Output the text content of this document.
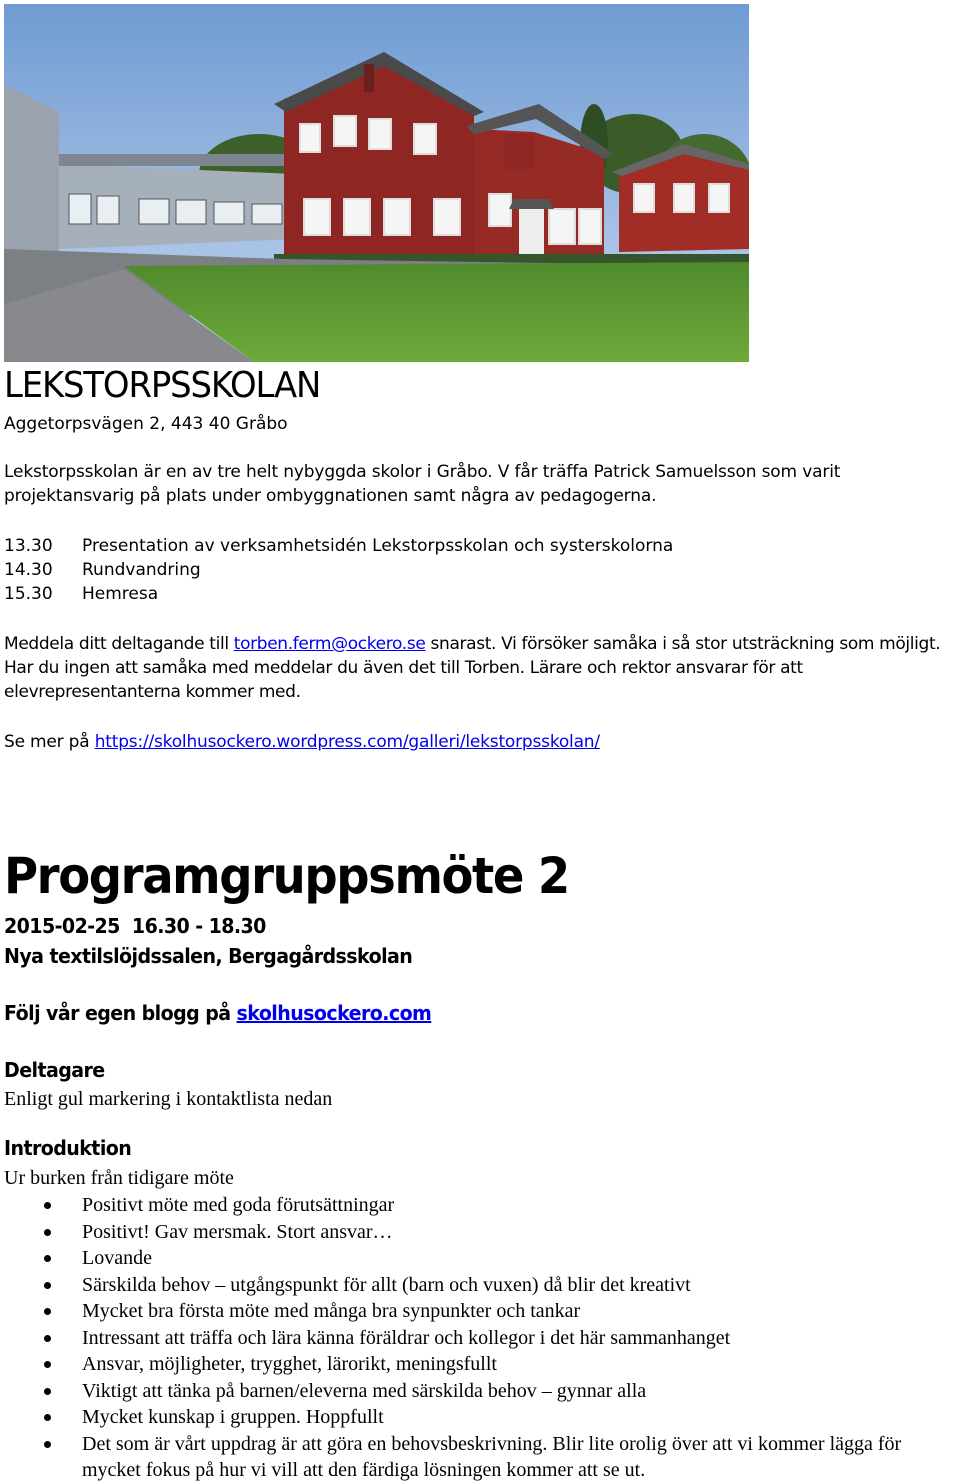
LEKSTORPSSKOLAN
Aggetorpsvägen 2, 443 40 Gråbo
Lekstorpsskolan är en av tre helt nybyggda skolor i Gråbo. V får träffa Patrick Samuelsson som varit projektansvarig på plats under ombyggnationen samt några av pedagogerna.
13.30	Presentation av verksamhetsidén Lekstorpsskolan och systerskolorna
14.30	Rundvandring
15.30	Hemresa
Meddela ditt deltagande till torben.ferm@ockero.se snarast. Vi försöker samåka i så stor utsträckning som möjligt. Har du ingen att samåka med meddelar du även det till Torben. Lärare och rektor ansvarar för att elevrepresentanterna kommer med.
Se mer på https://skolhusockero.wordpress.com/galleri/lekstorpsskolan/
Programgruppsmöte 2
2015-02-25  16.30 - 18.30
Nya textilslöjdssalen, Bergagårdsskolan
Följ vår egen blogg på skolhusockero.com
Deltagare
Enligt gul markering i kontaktlista nedan
Introduktion
Ur burken från tidigare möte
Positivt möte med goda förutsättningar
Positivt! Gav mersmak. Stort ansvar…
Lovande
Särskilda behov – utgångspunkt för allt (barn och vuxen) då blir det kreativt
Mycket bra första möte med många bra synpunkter och tankar
Intressant att träffa och lära känna föräldrar och kollegor i det här sammanhanget
Ansvar, möjligheter, trygghet, lärorikt, meningsfullt
Viktigt att tänka på barnen/eleverna med särskilda behov – gynnar alla
Mycket kunskap i gruppen. Hoppfullt
Det som är vårt uppdrag är att göra en behovsbeskrivning. Blir lite orolig över att vi kommer lägga för mycket fokus på hur vi vill att den färdiga lösningen kommer att se ut.
